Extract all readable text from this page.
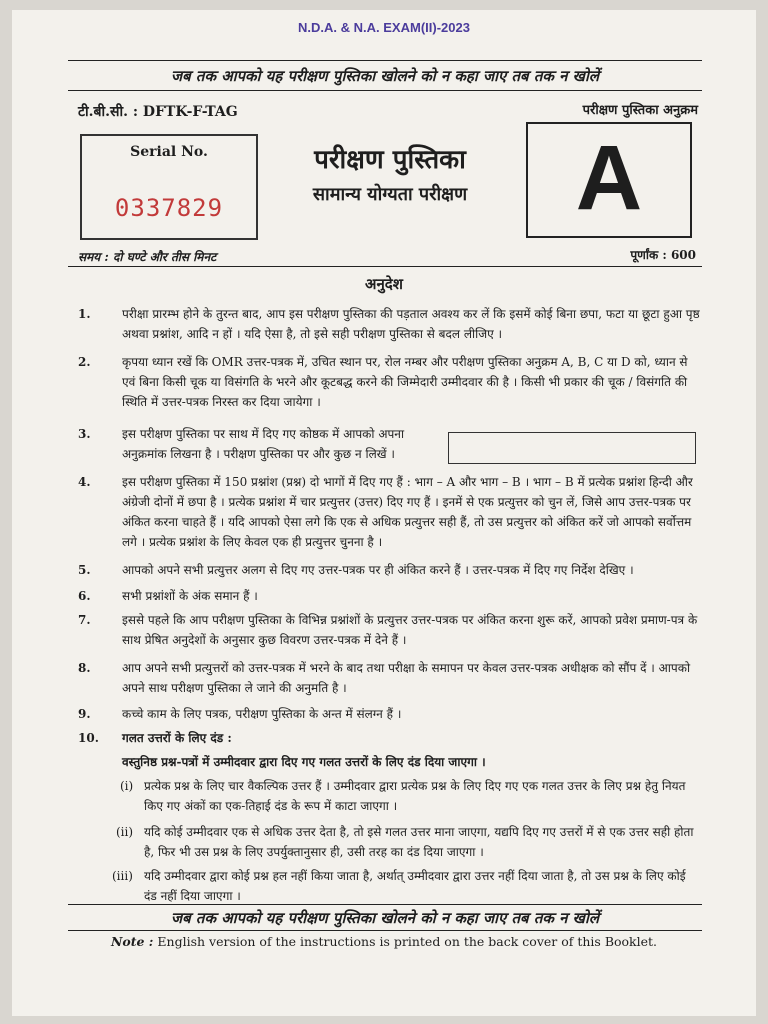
N.D.A. & N.A. EXAM(II)-2023
जब तक आपको यह परीक्षण पुस्तिका खोलने को न कहा जाए तब तक न खोलें
टी.बी.सी. : DFTK-F-TAG	परीक्षण पुस्तिका अनुक्रम
Serial No.
0337829
परीक्षण पुस्तिका
सामान्य योग्यता परीक्षण	A
समय : दो घण्टे और तीस मिनट	पूर्णांक : 600
अनुदेश
1.	परीक्षा प्रारम्भ होने के तुरन्त बाद, आप इस परीक्षण पुस्तिका की पड़ताल अवश्य कर लें कि इसमें कोई बिना छपा, फटा या छूटा हुआ पृष्ठ अथवा प्रश्नांश, आदि न हों । यदि ऐसा है, तो इसे सही परीक्षण पुस्तिका से बदल लीजिए ।
2.	कृपया ध्यान रखें कि OMR उत्तर-पत्रक में, उचित स्थान पर, रोल नम्बर और परीक्षण पुस्तिका अनुक्रम A, B, C या D को, ध्यान से एवं बिना किसी चूक या विसंगति के भरने और कूटबद्ध करने की जिम्मेदारी उम्मीदवार की है । किसी भी प्रकार की चूक / विसंगति की स्थिति में उत्तर-पत्रक निरस्त कर दिया जायेगा ।
3.	इस परीक्षण पुस्तिका पर साथ में दिए गए कोष्ठक में आपको अपना अनुक्रमांक लिखना है । परीक्षण पुस्तिका पर और कुछ न लिखें ।
4.	इस परीक्षण पुस्तिका में 150 प्रश्नांश (प्रश्न) दो भागों में दिए गए हैं : भाग – A और भाग – B । भाग – B में प्रत्येक प्रश्नांश हिन्दी और अंग्रेजी दोनों में छपा है । प्रत्येक प्रश्नांश में चार प्रत्युत्तर (उत्तर) दिए गए हैं । इनमें से एक प्रत्युत्तर को चुन लें, जिसे आप उत्तर-पत्रक पर अंकित करना चाहते हैं । यदि आपको ऐसा लगे कि एक से अधिक प्रत्युत्तर सही हैं, तो उस प्रत्युत्तर को अंकित करें जो आपको सर्वोत्तम लगे । प्रत्येक प्रश्नांश के लिए केवल एक ही प्रत्युत्तर चुनना है ।
5.	आपको अपने सभी प्रत्युत्तर अलग से दिए गए उत्तर-पत्रक पर ही अंकित करने हैं । उत्तर-पत्रक में दिए गए निर्देश देखिए ।
6.	सभी प्रश्नांशों के अंक समान हैं ।
7.	इससे पहले कि आप परीक्षण पुस्तिका के विभिन्न प्रश्नांशों के प्रत्युत्तर उत्तर-पत्रक पर अंकित करना शुरू करें, आपको प्रवेश प्रमाण-पत्र के साथ प्रेषित अनुदेशों के अनुसार कुछ विवरण उत्तर-पत्रक में देने हैं ।
8.	आप अपने सभी प्रत्युत्तरों को उत्तर-पत्रक में भरने के बाद तथा परीक्षा के समापन पर केवल उत्तर-पत्रक अधीक्षक को सौंप दें । आपको अपने साथ परीक्षण पुस्तिका ले जाने की अनुमति है ।
9.	कच्चे काम के लिए पत्रक, परीक्षण पुस्तिका के अन्त में संलग्न हैं ।
10.	गलत उत्तरों के लिए दंड :
वस्तुनिष्ठ प्रश्न-पत्रों में उम्मीदवार द्वारा दिए गए गलत उत्तरों के लिए दंड दिया जाएगा ।
(i) प्रत्येक प्रश्न के लिए चार वैकल्पिक उत्तर हैं । उम्मीदवार द्वारा प्रत्येक प्रश्न के लिए दिए गए एक गलत उत्तर के लिए प्रश्न हेतु नियत किए गए अंकों का एक-तिहाई दंड के रूप में काटा जाएगा ।
(ii) यदि कोई उम्मीदवार एक से अधिक उत्तर देता है, तो इसे गलत उत्तर माना जाएगा, यद्यपि दिए गए उत्तरों में से एक उत्तर सही होता है, फिर भी उस प्रश्न के लिए उपर्युक्तानुसार ही, उसी तरह का दंड दिया जाएगा ।
(iii) यदि उम्मीदवार द्वारा कोई प्रश्न हल नहीं किया जाता है, अर्थात् उम्मीदवार द्वारा उत्तर नहीं दिया जाता है, तो उस प्रश्न के लिए कोई दंड नहीं दिया जाएगा ।
जब तक आपको यह परीक्षण पुस्तिका खोलने को न कहा जाए तब तक न खोलें
Note : English version of the instructions is printed on the back cover of this Booklet.
